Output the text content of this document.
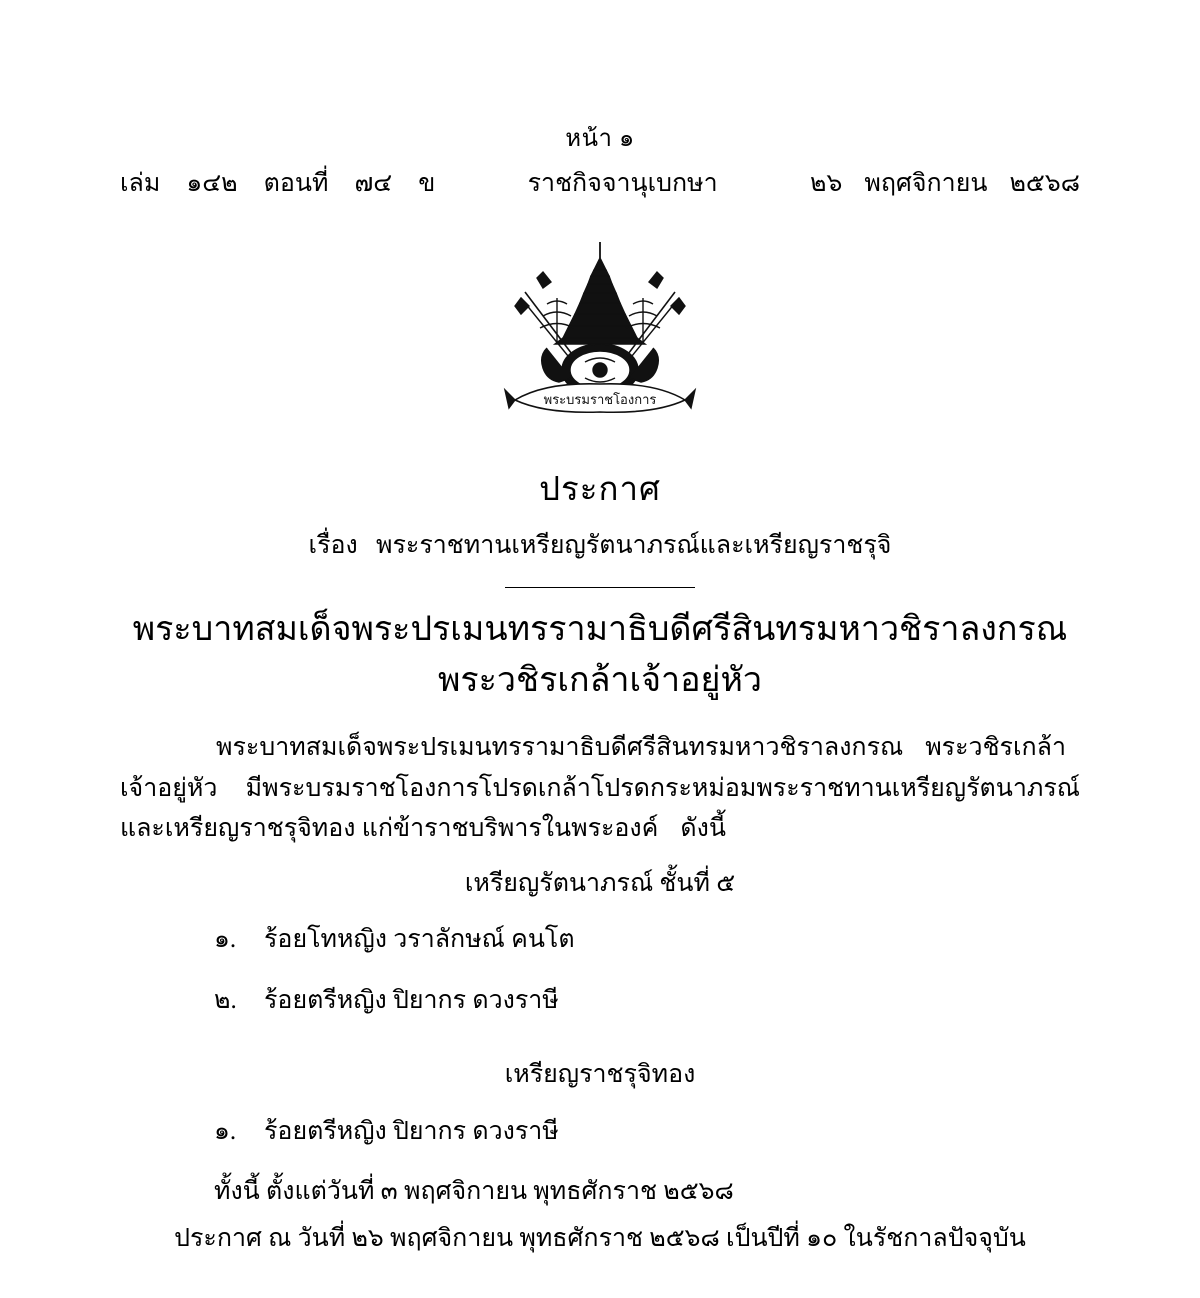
หน้า ๑
เล่ม ๑๔๒ ตอนที่ ๗๔ ข	ราชกิจจานุเบกษา	๒๖ พฤศจิกายน ๒๕๖๘
พระบรมราชโองการ
ประกาศ
เรื่อง พระราชทานเหรียญรัตนาภรณ์และเหรียญราชรุจิ
พระบาทสมเด็จพระปรเมนทรรามาธิบดีศรีสินทรมหาวชิราลงกรณ
พระวชิรเกล้าเจ้าอยู่หัว

พระบาทสมเด็จพระปรเมนทรรามาธิบดีศรีสินทรมหาวชิราลงกรณ พระวชิรเกล้าเจ้าอยู่หัว มีพระบรมราชโองการโปรดเกล้าโปรดกระหม่อมพระราชทานเหรียญรัตนาภรณ์และเหรียญราชรุจิทอง แก่ข้าราชบริพารในพระองค์ ดังนี้

เหรียญรัตนาภรณ์ ชั้นที่ ๕
๑. ร้อยโทหญิง วราลักษณ์ คนโต
๒. ร้อยตรีหญิง ปิยากร ดวงราษี
เหรียญราชรุจิทอง
๑. ร้อยตรีหญิง ปิยากร ดวงราษี
ทั้งนี้ ตั้งแต่วันที่ ๓ พฤศจิกายน พุทธศักราช ๒๕๖๘
ประกาศ ณ วันที่ ๒๖ พฤศจิกายน พุทธศักราช ๒๕๖๘ เป็นปีที่ ๑๐ ในรัชกาลปัจจุบัน
